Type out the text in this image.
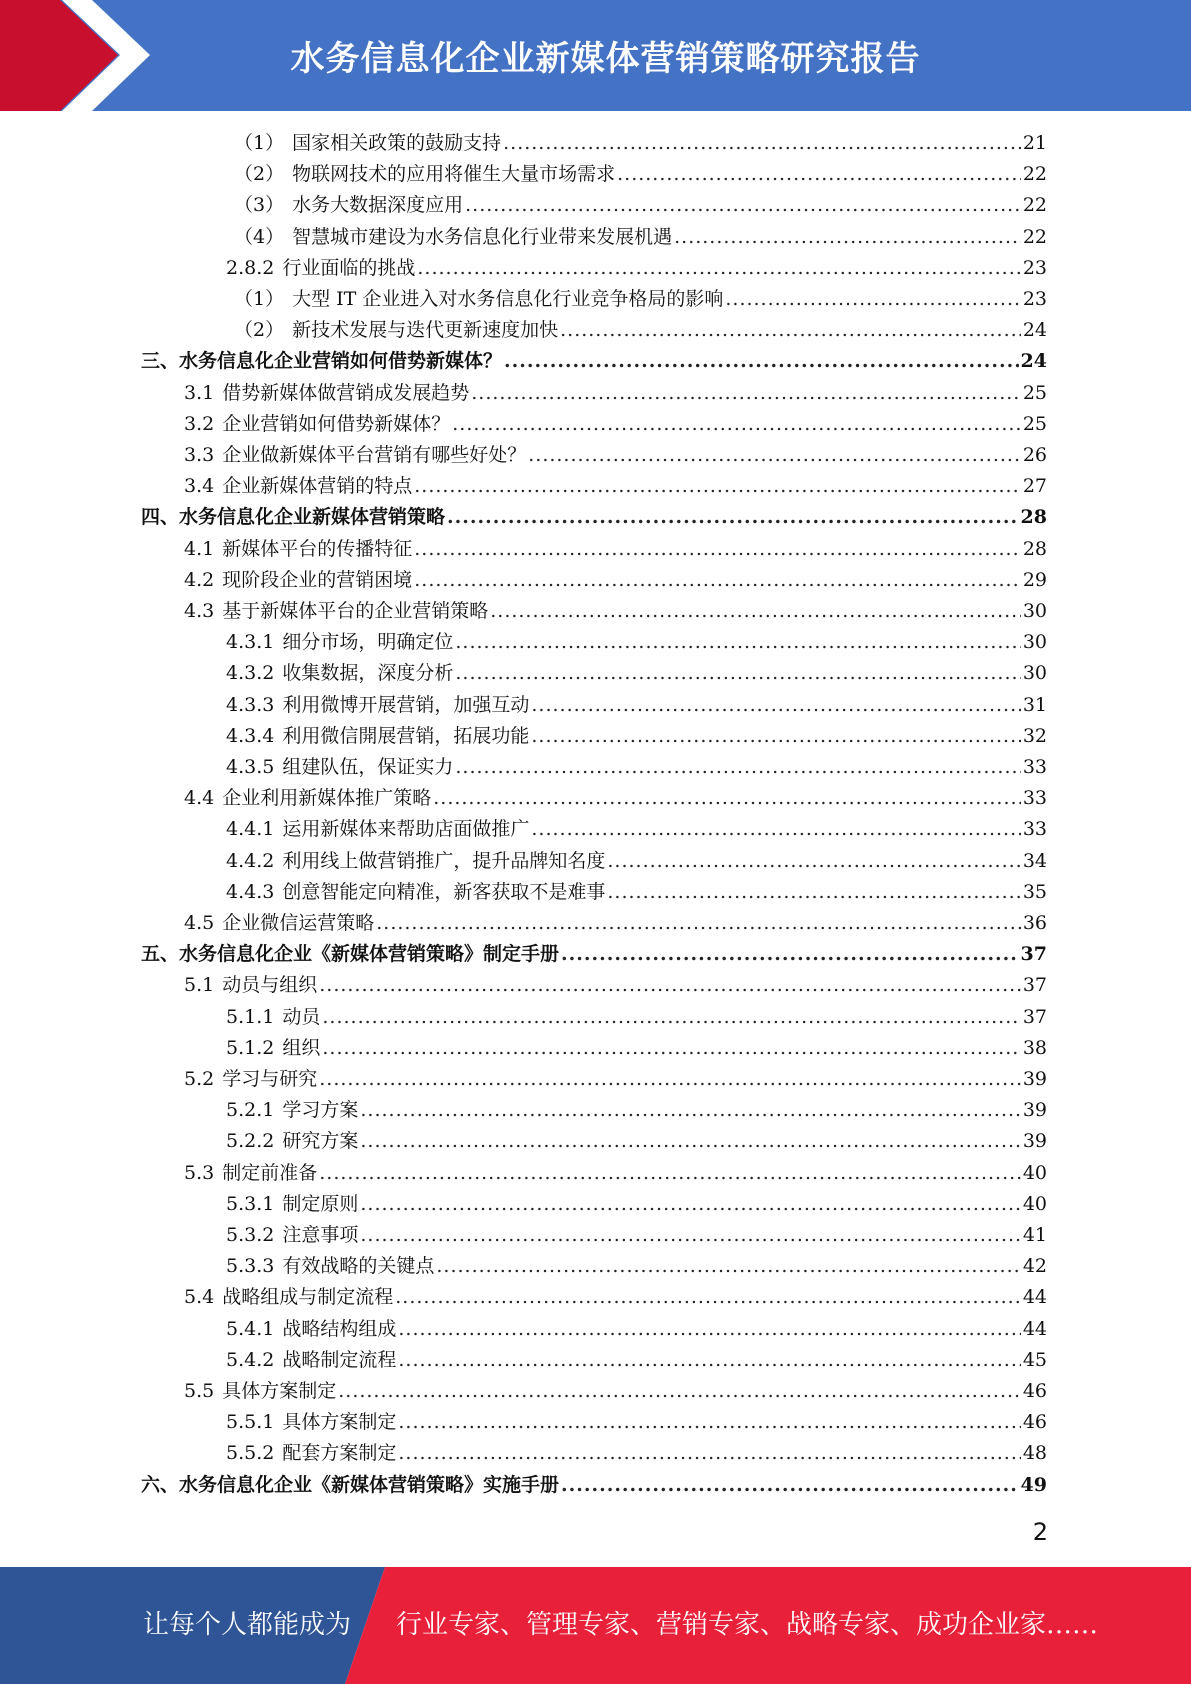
水务信息化企业新媒体营销策略研究报告
（1） 国家相关政策的鼓励支持 .....	21
（2） 物联网技术的应用将催生大量市场需求 .....	22
（3） 水务大数据深度应用 .....	22
（4） 智慧城市建设为水务信息化行业带来发展机遇 .....	22
2.8.2 行业面临的挑战 .....	23
（1） 大型 IT 企业进入对水务信息化行业竞争格局的影响 .....	23
（2） 新技术发展与迭代更新速度加快 .....	24
三、水务信息化企业营销如何借势新媒体？ .....	24
3.1 借势新媒体做营销成发展趋势 .....	25
3.2 企业营销如何借势新媒体？ .....	25
3.3 企业做新媒体平台营销有哪些好处？ .....	26
3.4 企业新媒体营销的特点 .....	27
四、水务信息化企业新媒体营销策略 .....	28
4.1 新媒体平台的传播特征 .....	28
4.2 现阶段企业的营销困境 .....	29
4.3 基于新媒体平台的企业营销策略 .....	30
4.3.1 细分市场，明确定位 .....	30
4.3.2 收集数据，深度分析 .....	30
4.3.3 利用微博开展营销，加强互动 .....	31
4.3.4 利用微信開展营销，拓展功能 .....	32
4.3.5 组建队伍，保证实力 .....	33
4.4 企业利用新媒体推广策略 .....	33
4.4.1 运用新媒体来帮助店面做推广 .....	33
4.4.2 利用线上做营销推广，提升品牌知名度 .....	34
4.4.3 创意智能定向精准，新客获取不是难事 .....	35
4.5 企业微信运营策略 .....	36
五、水务信息化企业《新媒体营销策略》制定手册 .....	37
5.1 动员与组织 .....	37
5.1.1 动员 .....	37
5.1.2 组织 .....	38
5.2 学习与研究 .....	39
5.2.1 学习方案 .....	39
5.2.2 研究方案 .....	39
5.3 制定前准备 .....	40
5.3.1 制定原则 .....	40
5.3.2 注意事项 .....	41
5.3.3 有效战略的关键点 .....	42
5.4 战略组成与制定流程 .....	44
5.4.1 战略结构组成 .....	44
5.4.2 战略制定流程 .....	45
5.5 具体方案制定 .....	46
5.5.1 具体方案制定 .....	46
5.5.2 配套方案制定 .....	48
六、水务信息化企业《新媒体营销策略》实施手册 .....	49
2
让每个人都能成为 行业专家、管理专家、营销专家、战略专家、成功企业家……
